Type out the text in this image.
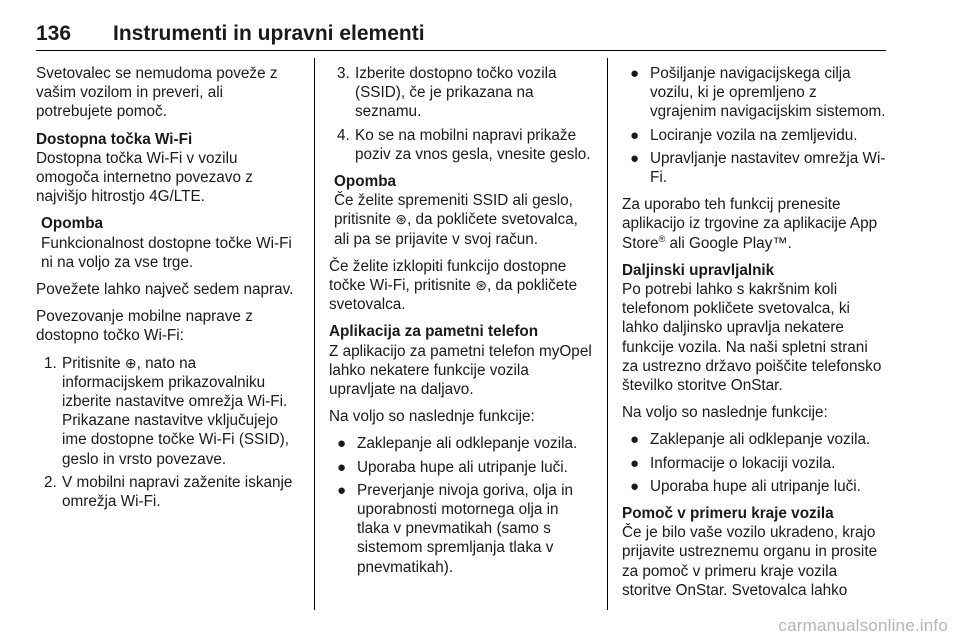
136 Instrumenti in upravni elementi

Svetovalec se nemudoma poveže z vašim vozilom in preveri, ali potrebujete pomoč.

Dostopna točka Wi-Fi

Dostopna točka Wi-Fi v vozilu omogoča internetno povezavo z najvišjo hitrostjo 4G/LTE.

Opomba
Funkcionalnost dostopne točke Wi-Fi ni na voljo za vse trge.

Povežete lahko največ sedem naprav.

Povezovanje mobilne naprave z dostopno točko Wi-Fi:

1. Pritisnite ⊕, nato na informacijskem prikazovalniku izberite nastavitve omrežja Wi-Fi. Prikazane nastavitve vključujejo ime dostopne točke Wi-Fi (SSID), geslo in vrsto povezave.
2. V mobilni napravi zaženite iskanje omrežja Wi-Fi.
3. Izberite dostopno točko vozila (SSID), če je prikazana na seznamu.
4. Ko se na mobilni napravi prikaže poziv za vnos gesla, vnesite geslo.
Opomba
Če želite spremeniti SSID ali geslo, pritisnite ⊛, da pokličete svetovalca, ali pa se prijavite v svoj račun.

Če želite izklopiti funkcijo dostopne točke Wi-Fi, pritisnite ⊛, da pokličete svetovalca.

Aplikacija za pametni telefon

Z aplikacijo za pametni telefon myOpel lahko nekatere funkcije vozila upravljate na daljavo.

Na voljo so naslednje funkcije:

● Zaklepanje ali odklepanje vozila.
● Uporaba hupe ali utripanje luči.
● Preverjanje nivoja goriva, olja in uporabnosti motornega olja in tlaka v pnevmatikah (samo s sistemom spremljanja tlaka v pnevmatikah).
● Pošiljanje navigacijskega cilja vozilu, ki je opremljeno z vgrajenim navigacijskim sistemom.
● Lociranje vozila na zemljevidu.
● Upravljanje nastavitev omrežja Wi-Fi.

Za uporabo teh funkcij prenesite aplikacijo iz trgovine za aplikacije App Store® ali Google Play™.

Daljinski upravljalnik

Po potrebi lahko s kakršnim koli telefonom pokličete svetovalca, ki lahko daljinsko upravlja nekatere funkcije vozila. Na naši spletni strani za ustrezno državo poiščite telefonsko številko storitve OnStar.

Na voljo so naslednje funkcije:

● Zaklepanje ali odklepanje vozila.
● Informacije o lokaciji vozila.
● Uporaba hupe ali utripanje luči.

Pomoč v primeru kraje vozila

Če je bilo vaše vozilo ukradeno, krajo prijavite ustreznemu organu in prosite za pomoč v primeru kraje vozila storitve OnStar. Svetovalca lahko

carmanualsonline.info
